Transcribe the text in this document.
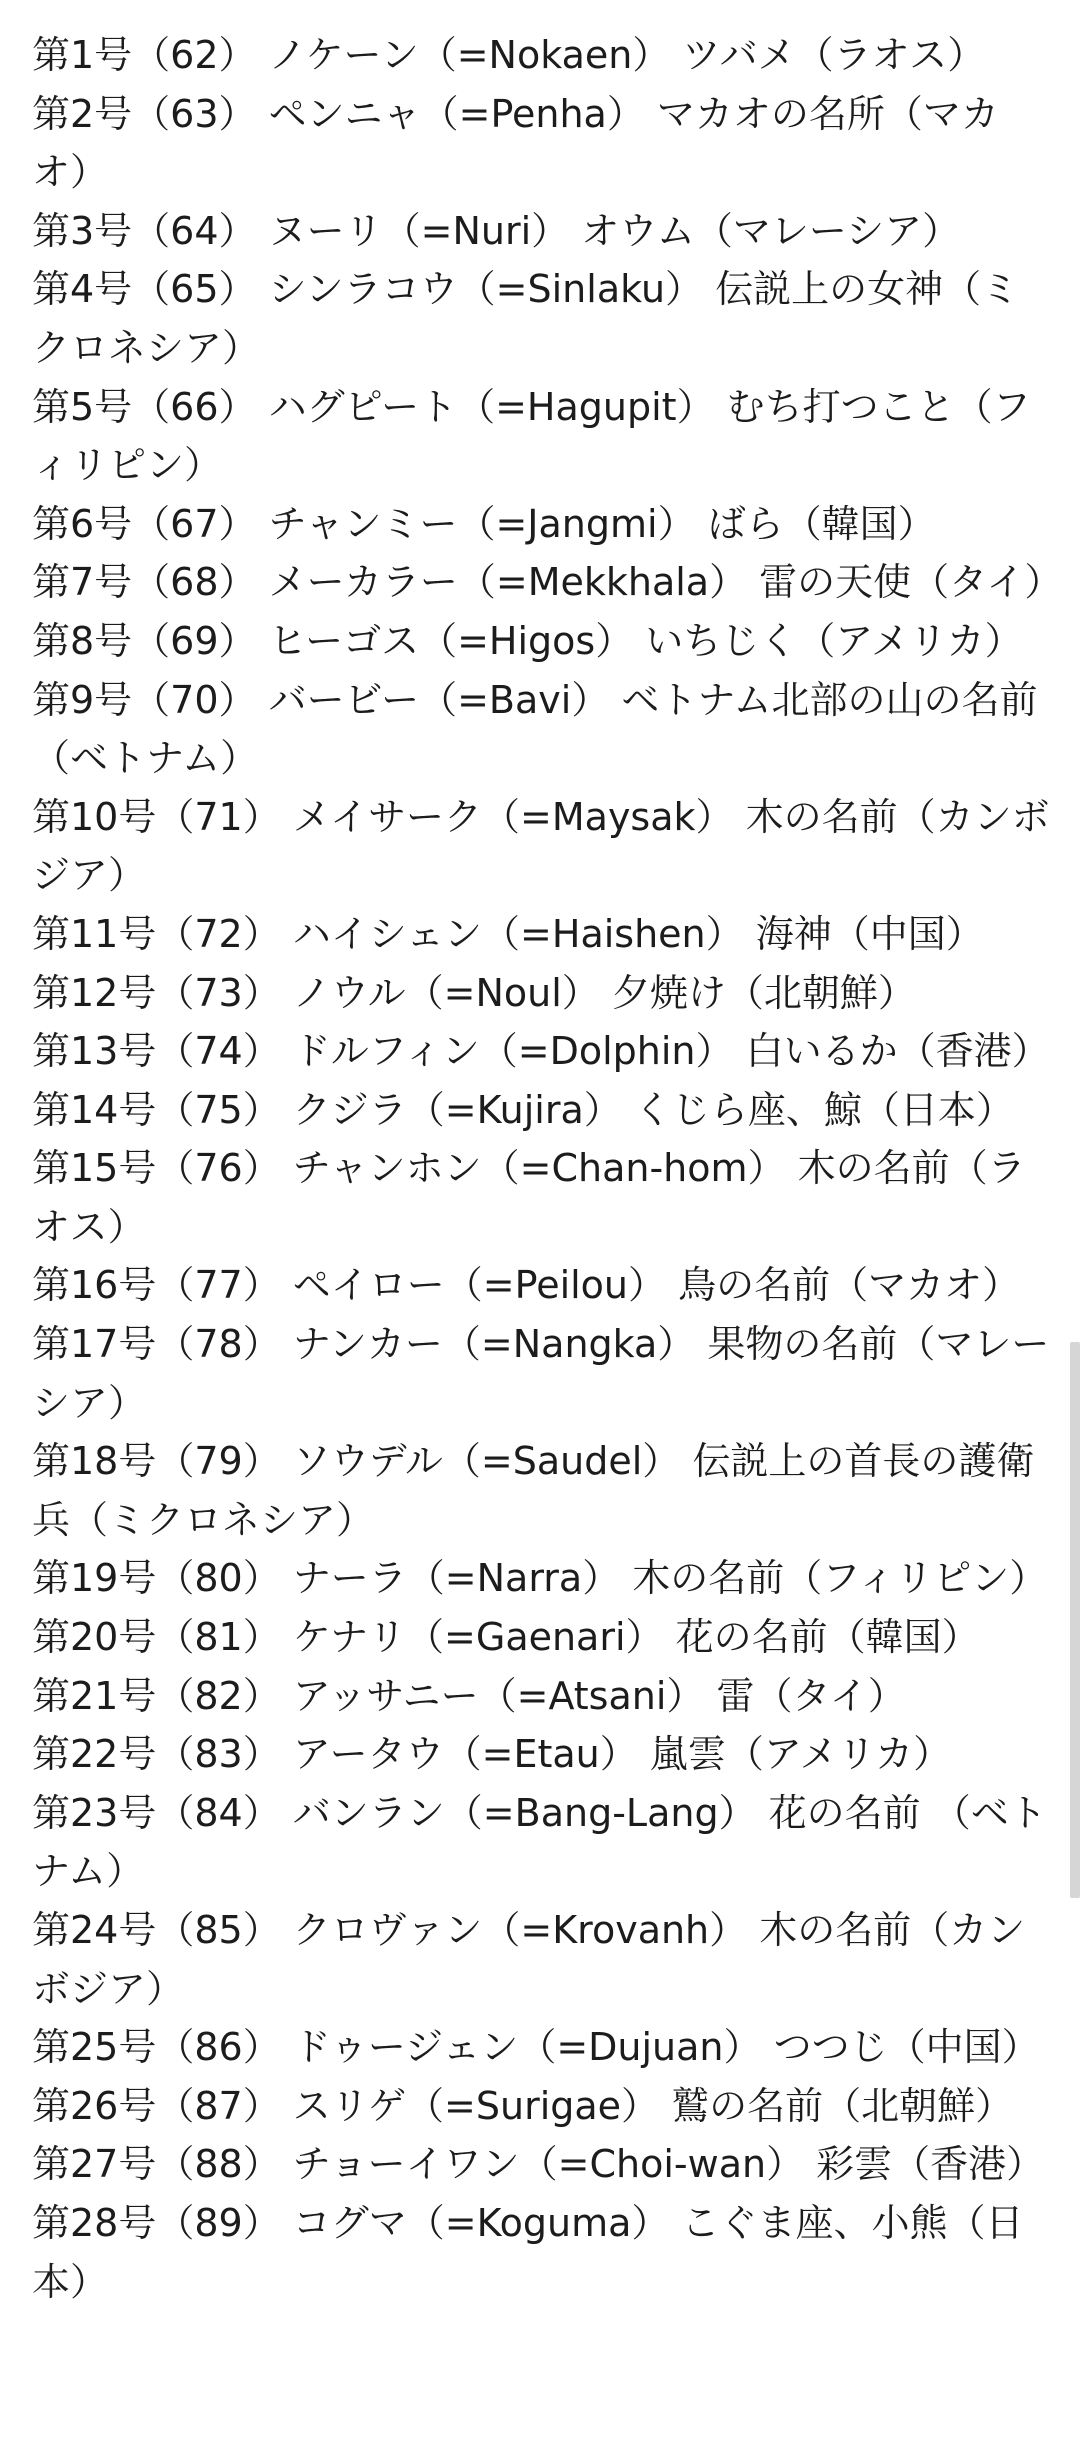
第1号（62） ノケーン（=Nokaen） ツバメ（ラオス）

第2号（63） ペンニャ（=Penha） マカオの名所（マカオ）

第3号（64） ヌーリ（=Nuri） オウム（マレーシア）

第4号（65） シンラコウ（=Sinlaku） 伝説上の女神（ミクロネシア）

第5号（66） ハグピート（=Hagupit） むち打つこと（フィリピン）

第6号（67） チャンミー（=Jangmi） ばら（韓国）

第7号（68） メーカラー（=Mekkhala） 雷の天使（タイ）

第8号（69） ヒーゴス（=Higos） いちじく（アメリカ）

第9号（70） バービー（=Bavi） ベトナム北部の山の名前（ベトナム）

第10号（71） メイサーク（=Maysak） 木の名前（カンボジア）

第11号（72） ハイシェン（=Haishen） 海神（中国）

第12号（73） ノウル（=Noul） 夕焼け（北朝鮮）

第13号（74） ドルフィン（=Dolphin） 白いるか（香港）

第14号（75） クジラ（=Kujira） くじら座、鯨（日本）

第15号（76） チャンホン（=Chan-hom） 木の名前（ラオス）

第16号（77） ペイロー（=Peilou） 鳥の名前（マカオ）

第17号（78） ナンカー（=Nangka） 果物の名前（マレーシア）

第18号（79） ソウデル（=Saudel） 伝説上の首長の護衛兵（ミクロネシア）

第19号（80） ナーラ（=Narra） 木の名前（フィリピン）

第20号（81） ケナリ（=Gaenari） 花の名前（韓国）

第21号（82） アッサニー（=Atsani） 雷（タイ）

第22号（83） アータウ（=Etau） 嵐雲（アメリカ）

第23号（84） バンラン（=Bang-Lang） 花の名前 （ベトナム）

第24号（85） クロヴァン（=Krovanh） 木の名前（カンボジア）

第25号（86） ドゥージェン（=Dujuan） つつじ（中国）

第26号（87） スリゲ（=Surigae） 鷲の名前（北朝鮮）

第27号（88） チョーイワン（=Choi-wan） 彩雲（香港）

第28号（89） コグマ（=Koguma） こぐま座、小熊（日本）
